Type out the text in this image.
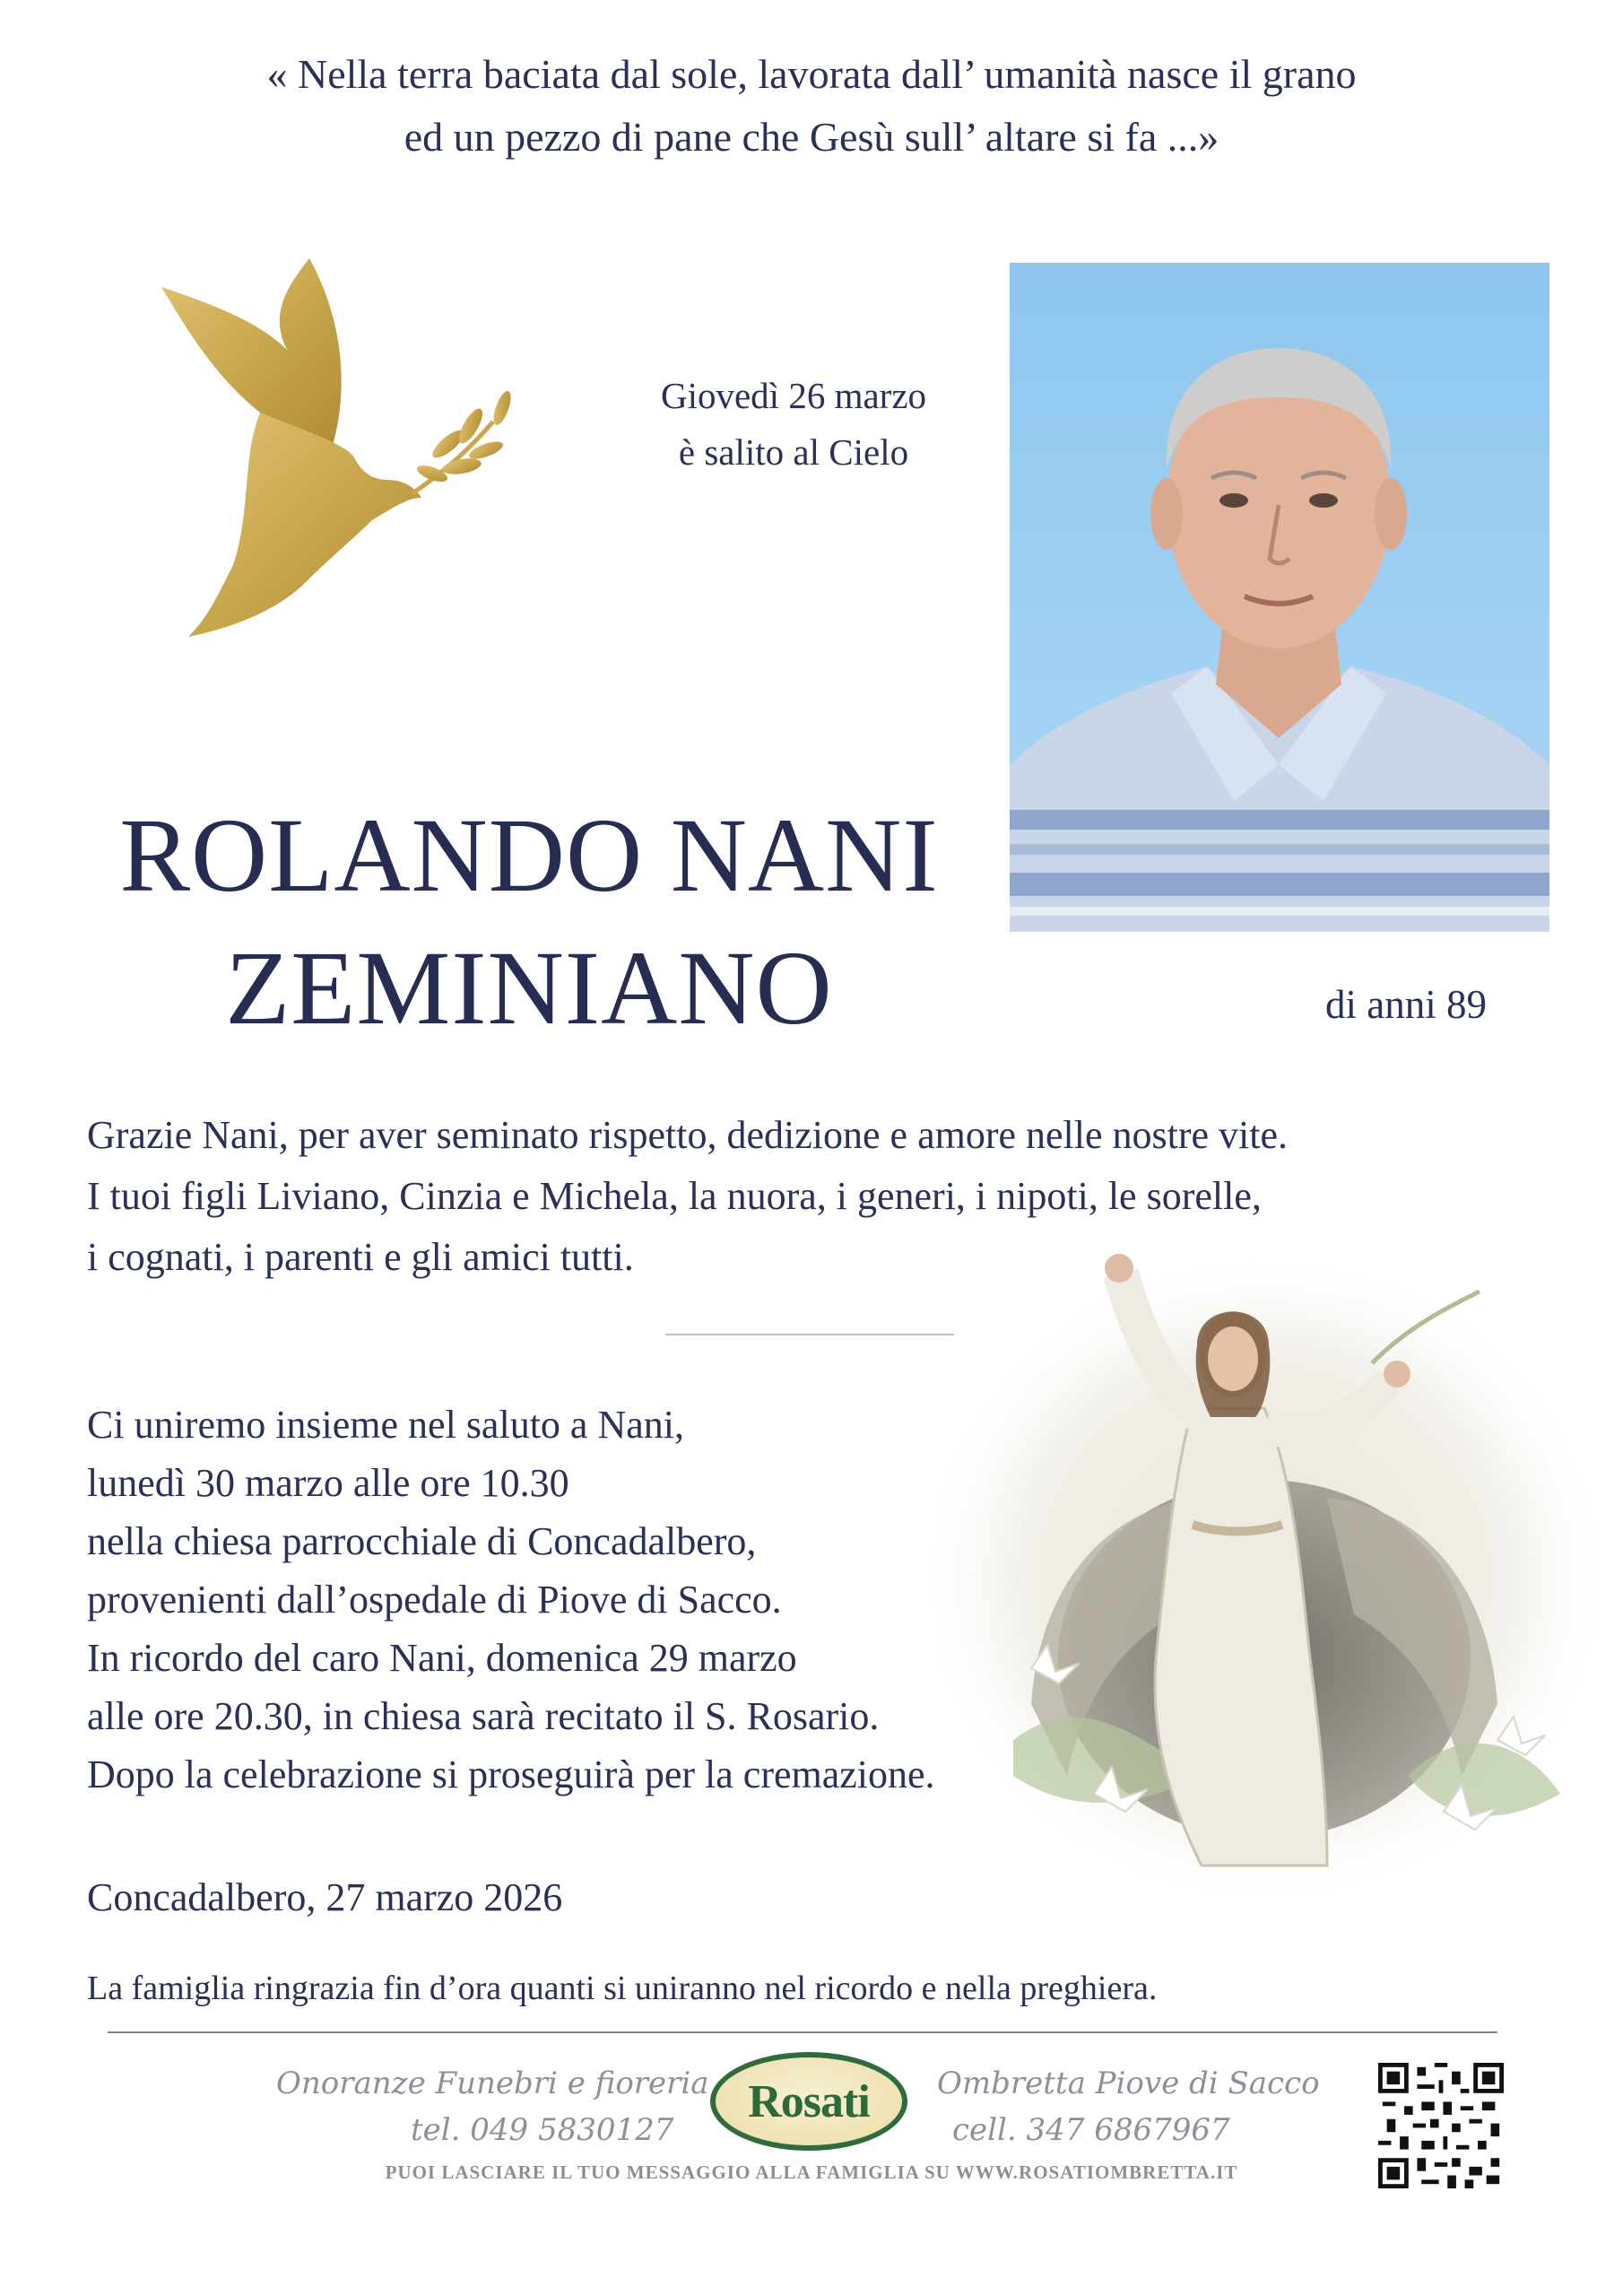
« Nella terra baciata dal sole, lavorata dall’ umanità nasce il grano
ed un pezzo di pane che Gesù sull’ altare si fa ...»
Giovedì 26 marzo
è salito al Cielo
ROLANDO NANI
ZEMINIANO	di anni 89
Grazie Nani, per aver seminato rispetto, dedizione e amore nelle nostre vite.
I tuoi figli Liviano, Cinzia e Michela, la nuora, i generi, i nipoti, le sorelle,
i cognati, i parenti e gli amici tutti.
Ci uniremo insieme nel saluto a Nani,
lunedì 30 marzo alle ore 10.30
nella chiesa parrocchiale di Concadalbero,
provenienti dall’ospedale di Piove di Sacco.
In ricordo del caro Nani, domenica 29 marzo
alle ore 20.30, in chiesa sarà recitato il S. Rosario.
Dopo la celebrazione si proseguirà per la cremazione.
Concadalbero, 27 marzo 2026
La famiglia ringrazia fin d’ora quanti si uniranno nel ricordo e nella preghiera.
Onoranze Funebri e fioreria
tel. 049 5830127
Rosati Ombretta Piove di Sacco
cell. 347 6867967
PUOI LASCIARE IL TUO MESSAGGIO ALLA FAMIGLIA SU WWW.ROSATIOMBRETTA.IT
